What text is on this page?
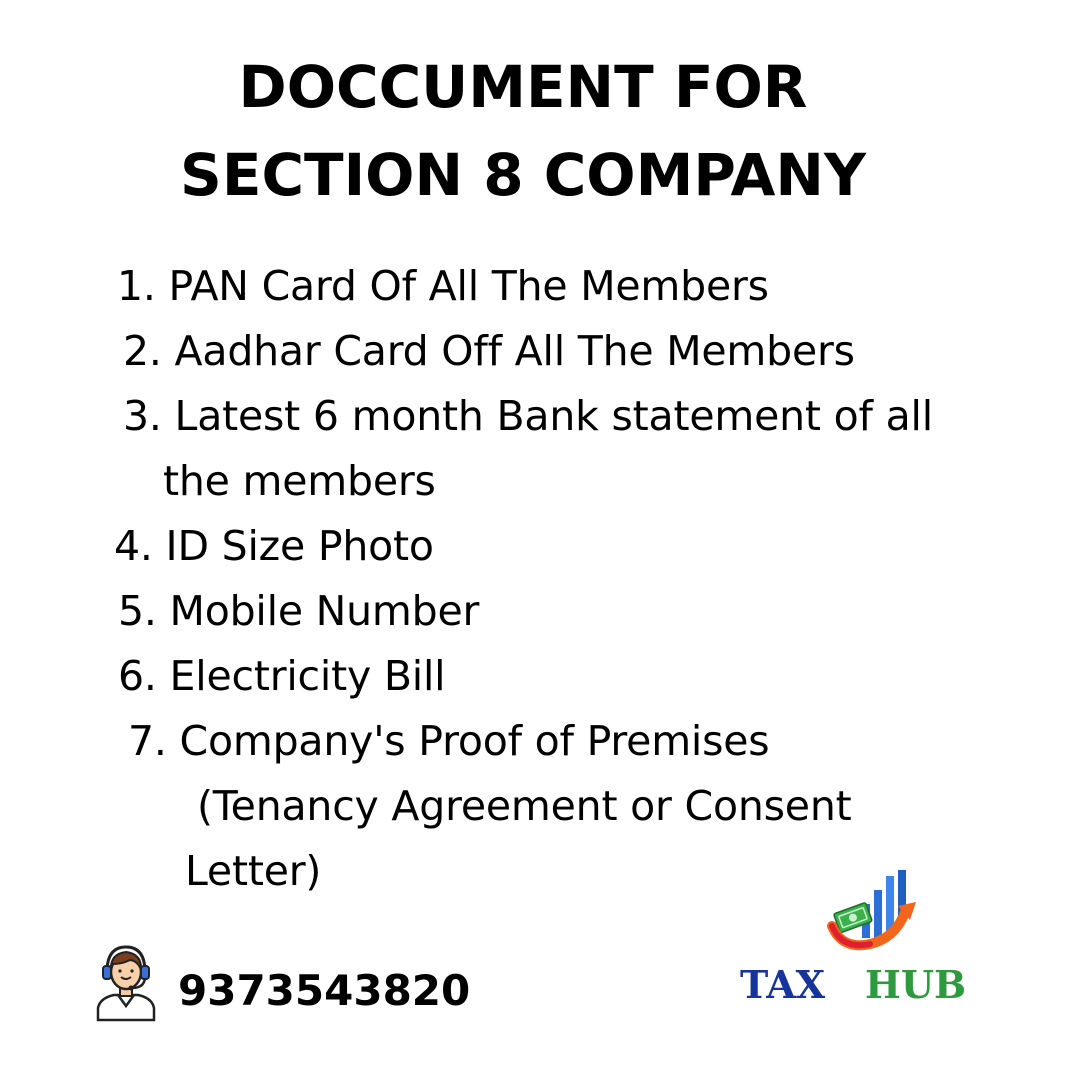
DOCCUMENT FOR
SECTION 8 COMPANY
1. PAN Card Of All The Members
2. Aadhar Card Off All The Members
3. Latest 6 month Bank statement of all
the members
4. ID Size Photo
5. Mobile Number
6. Electricity Bill
7. Company's Proof of Premises
(Tenancy Agreement or Consent
Letter)
9373543820	TAX HUB
